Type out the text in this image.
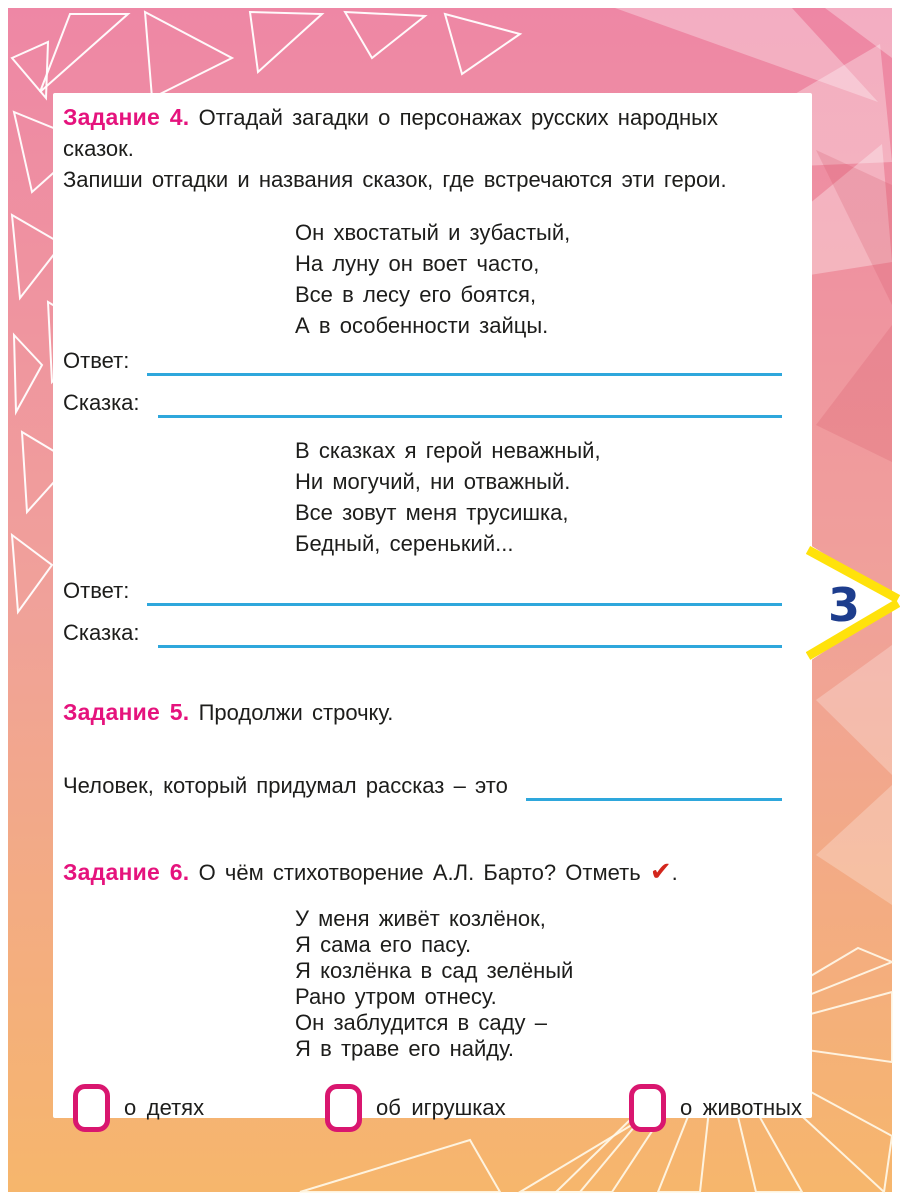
Задание 4. Отгадай загадки о персонажах русских народных сказок.
Запиши отгадки и названия сказок, где встречаются эти герои.

Он хвостатый и зубастый,
На луну он воет часто,
Все в лесу его боятся,
А в особенности зайцы.
Ответ:
Сказка:
В сказках я герой неважный,
Ни могучий, ни отважный.
Все зовут меня трусишка,
Бедный, серенький...
Ответ:
Сказка:

Задание 5. Продолжи строчку.

Человек, который придумал рассказ – это

Задание 6. О чём стихотворение А.Л. Барто? Отметь ✔.

У меня живёт козлёнок,
Я сама его пасу.
Я козлёнка в сад зелёный
Рано утром отнесу.
Он заблудится в саду –
Я в траве его найду.
о детях	об игрушках	о животных
3
